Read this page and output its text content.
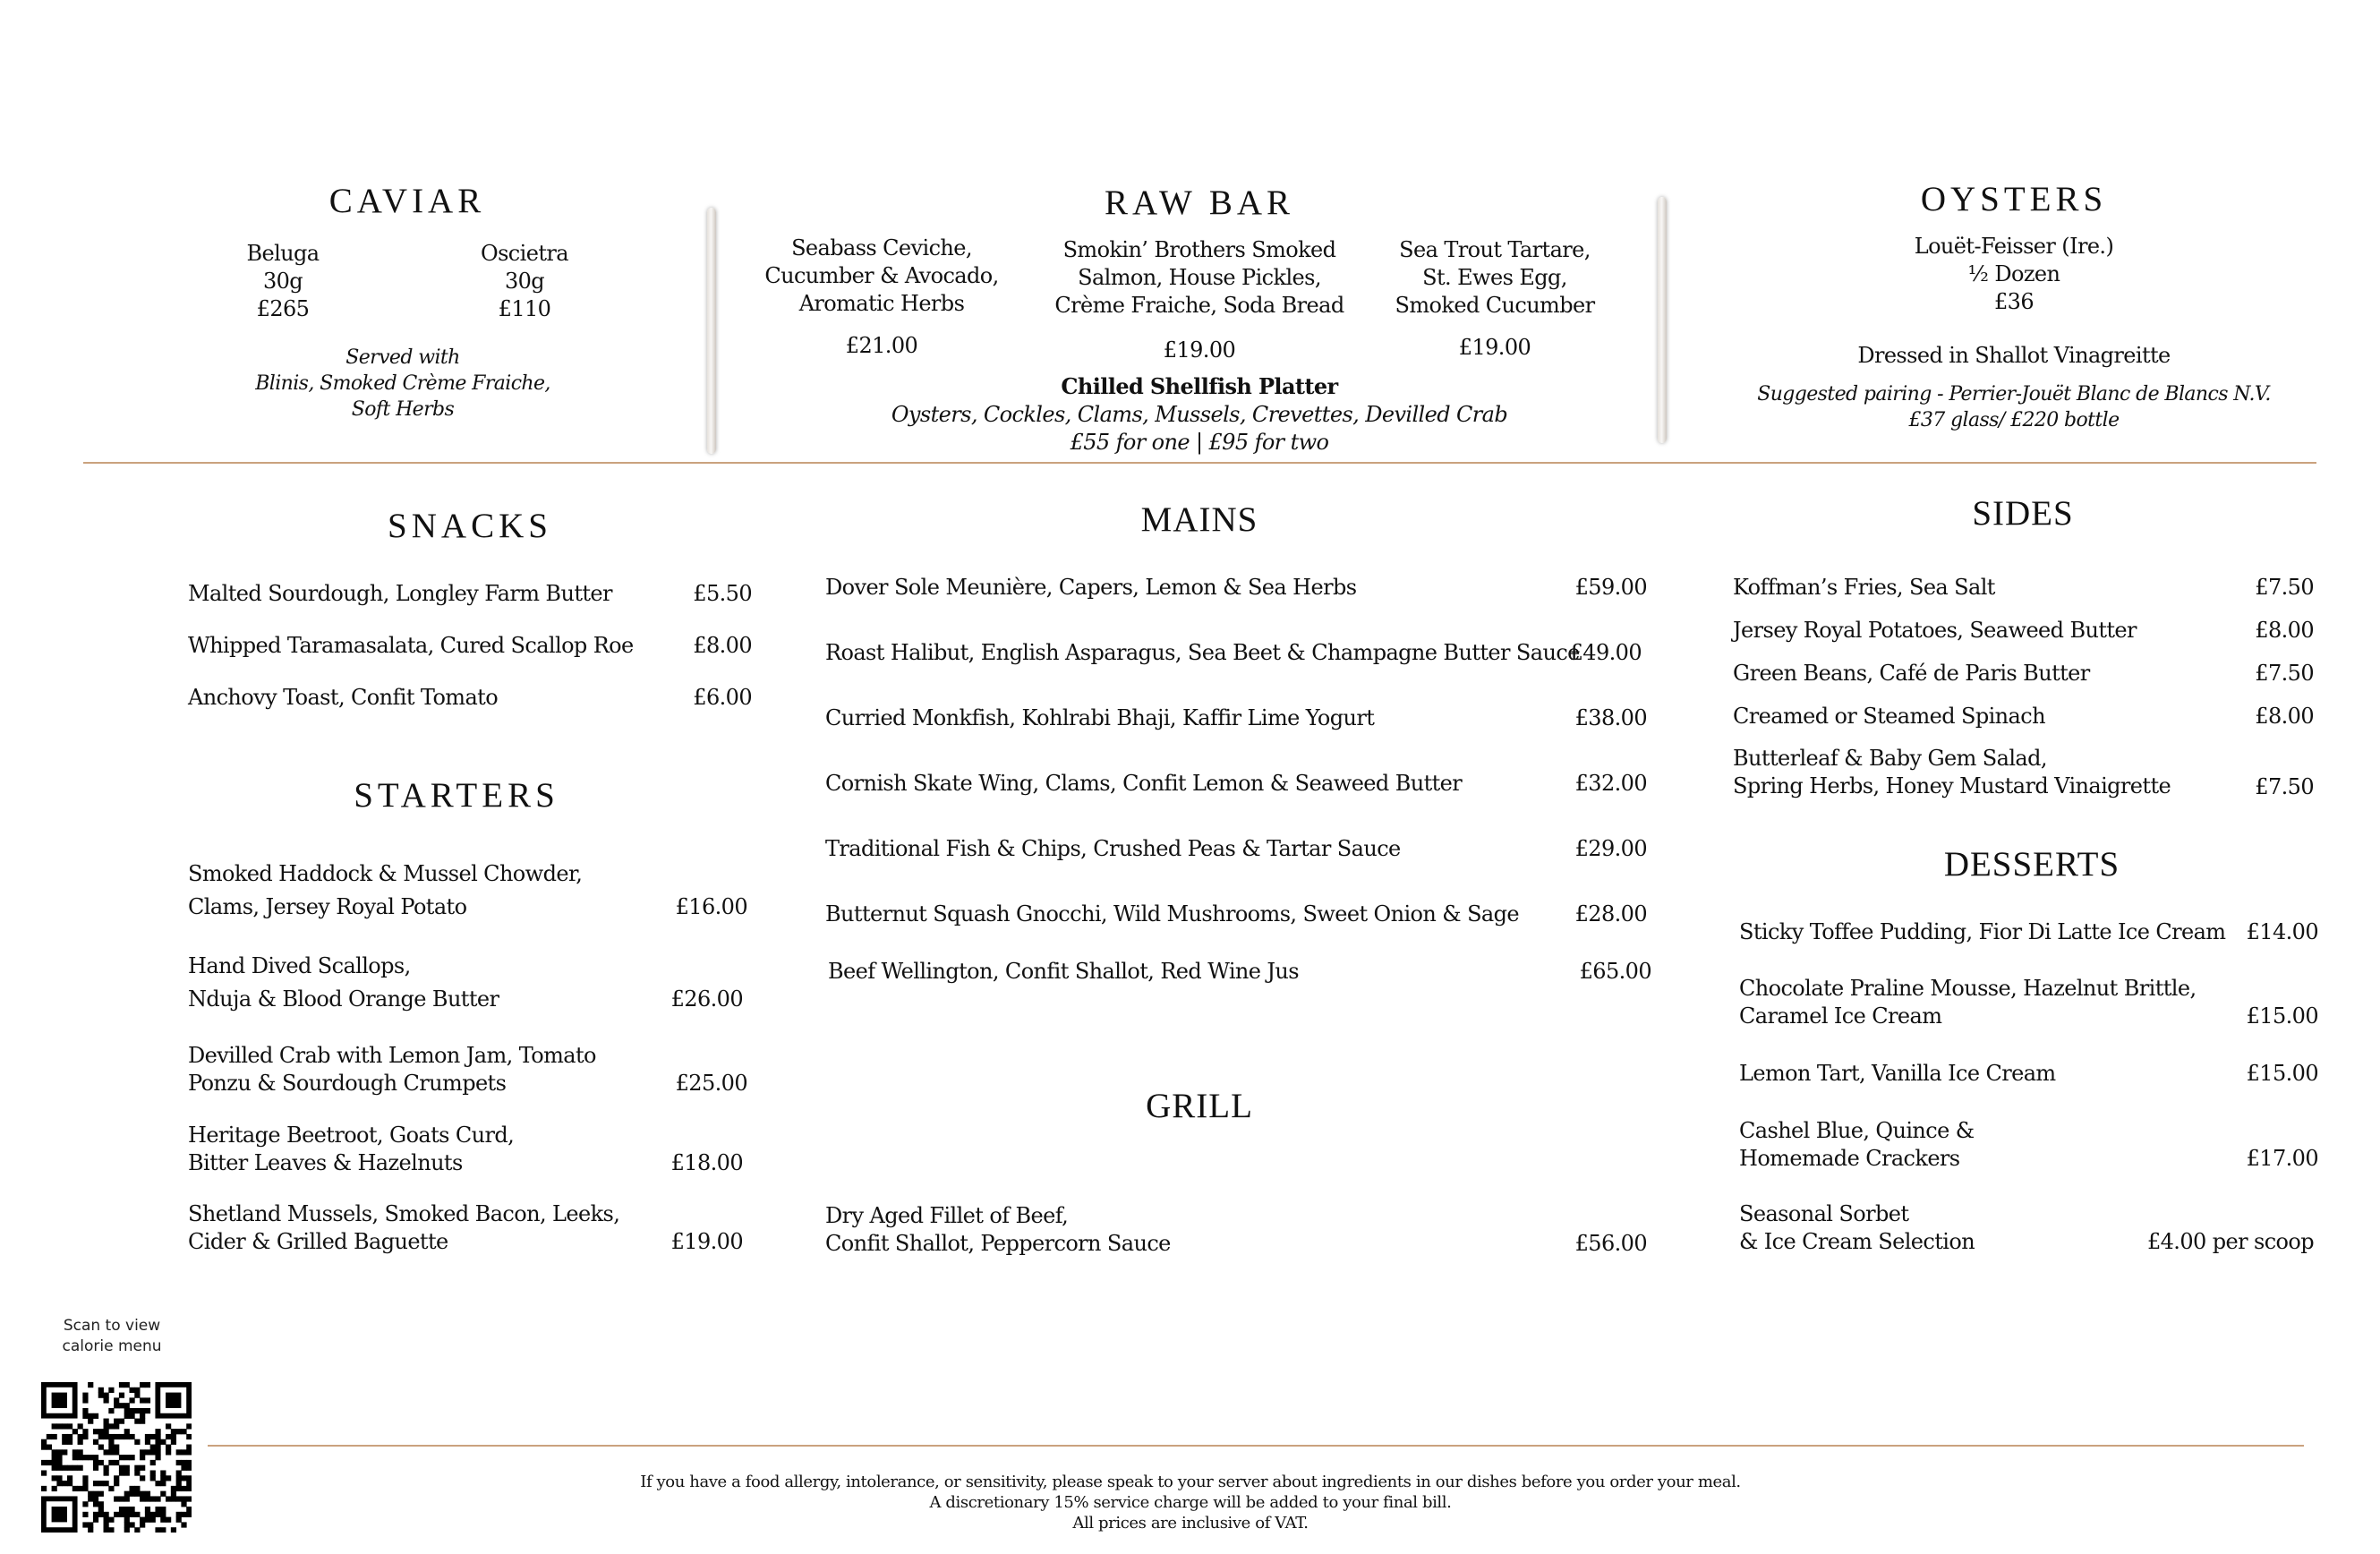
CAVIAR
Beluga
30g
£265
Oscietra
30g
£110
Served with
Blinis, Smoked Crème Fraiche,
Soft Herbs
RAW BAR
Seabass Ceviche,
Cucumber & Avocado,
Aromatic Herbs
£21.00
Smokin’ Brothers Smoked
Salmon, House Pickles,
Crème Fraiche, Soda Bread
£19.00
Sea Trout Tartare,
St. Ewes Egg,
Smoked Cucumber
£19.00
Chilled Shellfish Platter
Oysters, Cockles, Clams, Mussels, Crevettes, Devilled Crab
£55 for one | £95 for two
OYSTERS
Louët-Feisser (Ire.)
½ Dozen
£36
Dressed in Shallot Vinagreitte
Suggested pairing - Perrier-Jouët Blanc de Blancs N.V.
£37 glass/ £220 bottle
SNACKS
Malted Sourdough, Longley Farm Butter	£5.50
Whipped Taramasalata, Cured Scallop Roe	£8.00
Anchovy Toast, Confit Tomato	£6.00
STARTERS
Smoked Haddock & Mussel Chowder,
Clams, Jersey Royal Potato	£16.00
Hand Dived Scallops,
Nduja & Blood Orange Butter	£26.00
Devilled Crab with Lemon Jam, Tomato
Ponzu & Sourdough Crumpets	£25.00
Heritage Beetroot, Goats Curd,
Bitter Leaves & Hazelnuts	£18.00
Shetland Mussels, Smoked Bacon, Leeks,
Cider & Grilled Baguette	£19.00
MAINS
Dover Sole Meunière, Capers, Lemon & Sea Herbs	£59.00
Roast Halibut, English Asparagus, Sea Beet & Champagne Butter Sauce
£49.00
Curried Monkfish, Kohlrabi Bhaji, Kaffir Lime Yogurt	£38.00
Cornish Skate Wing, Clams, Confit Lemon & Seaweed Butter	£32.00
Traditional Fish & Chips, Crushed Peas & Tartar Sauce	£29.00
Butternut Squash Gnocchi, Wild Mushrooms, Sweet Onion & Sage	£28.00
Beef Wellington, Confit Shallot, Red Wine Jus	£65.00
GRILL
Dry Aged Fillet of Beef,
Confit Shallot, Peppercorn Sauce	£56.00
SIDES
Koffman’s Fries, Sea Salt	£7.50
Jersey Royal Potatoes, Seaweed Butter	£8.00
Green Beans, Café de Paris Butter	£7.50
Creamed or Steamed Spinach	£8.00
Butterleaf & Baby Gem Salad,
Spring Herbs, Honey Mustard Vinaigrette	£7.50
DESSERTS
Sticky Toffee Pudding, Fior Di Latte Ice Cream £14.00
Chocolate Praline Mousse, Hazelnut Brittle,
Caramel Ice Cream	£15.00
Lemon Tart, Vanilla Ice Cream	£15.00
Cashel Blue, Quince &
Homemade Crackers	£17.00
Seasonal Sorbet
& Ice Cream Selection	£4.00 per scoop
Scan to view
calorie menu
If you have a food allergy, intolerance, or sensitivity, please speak to your server about ingredients in our dishes before you order your meal.
A discretionary 15% service charge will be added to your final bill.
All prices are inclusive of VAT.
